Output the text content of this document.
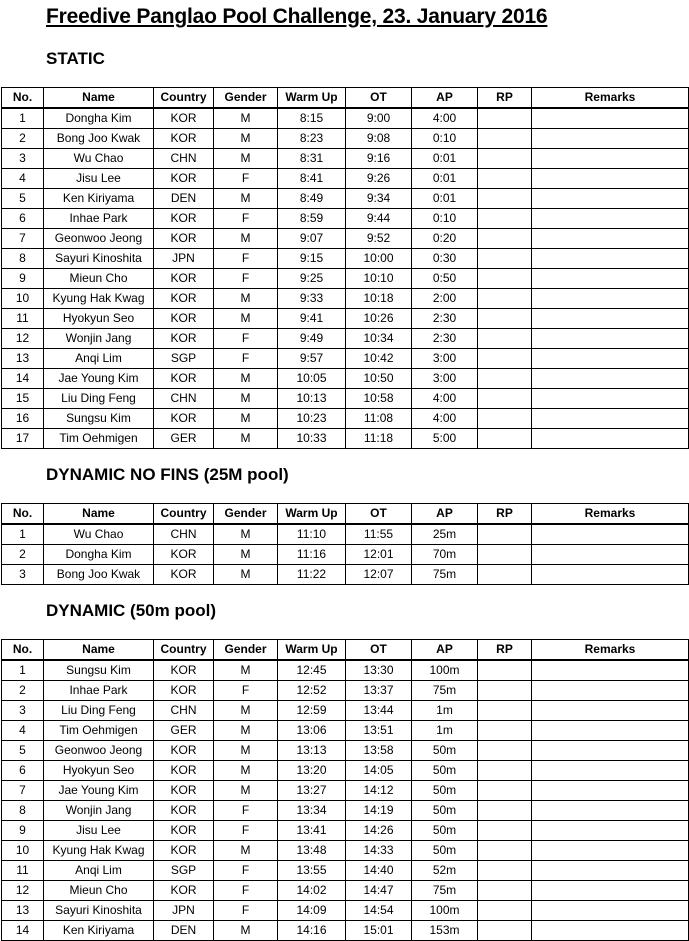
Freedive Panglao Pool Challenge, 23. January 2016
STATIC
No.	Name	Country	Gender	Warm Up	OT	AP	RP	Remarks
1	Dongha Kim	KOR	M	8:15	9:00	4:00		
2	Bong Joo Kwak	KOR	M	8:23	9:08	0:10		
3	Wu Chao	CHN	M	8:31	9:16	0:01		
4	Jisu Lee	KOR	F	8:41	9:26	0:01		
5	Ken Kiriyama	DEN	M	8:49	9:34	0:01		
6	Inhae Park	KOR	F	8:59	9:44	0:10		
7	Geonwoo Jeong	KOR	M	9:07	9:52	0:20		
8	Sayuri Kinoshita	JPN	F	9:15	10:00	0:30		
9	Mieun Cho	KOR	F	9:25	10:10	0:50		
10	Kyung Hak Kwag	KOR	M	9:33	10:18	2:00		
11	Hyokyun Seo	KOR	M	9:41	10:26	2:30		
12	Wonjin Jang	KOR	F	9:49	10:34	2:30		
13	Anqi Lim	SGP	F	9:57	10:42	3:00		
14	Jae Young Kim	KOR	M	10:05	10:50	3:00		
15	Liu Ding Feng	CHN	M	10:13	10:58	4:00		
16	Sungsu Kim	KOR	M	10:23	11:08	4:00		
17	Tim Oehmigen	GER	M	10:33	11:18	5:00		
DYNAMIC NO FINS (25M pool)
No.	Name	Country	Gender	Warm Up	OT	AP	RP	Remarks
1	Wu Chao	CHN	M	11:10	11:55	25m		
2	Dongha Kim	KOR	M	11:16	12:01	70m		
3	Bong Joo Kwak	KOR	M	11:22	12:07	75m		
DYNAMIC (50m pool)
No.	Name	Country	Gender	Warm Up	OT	AP	RP	Remarks
1	Sungsu Kim	KOR	M	12:45	13:30	100m		
2	Inhae Park	KOR	F	12:52	13:37	75m		
3	Liu Ding Feng	CHN	M	12:59	13:44	1m		
4	Tim Oehmigen	GER	M	13:06	13:51	1m		
5	Geonwoo Jeong	KOR	M	13:13	13:58	50m		
6	Hyokyun Seo	KOR	M	13:20	14:05	50m		
7	Jae Young Kim	KOR	M	13:27	14:12	50m		
8	Wonjin Jang	KOR	F	13:34	14:19	50m		
9	Jisu Lee	KOR	F	13:41	14:26	50m		
10	Kyung Hak Kwag	KOR	M	13:48	14:33	50m		
11	Anqi Lim	SGP	F	13:55	14:40	52m		
12	Mieun Cho	KOR	F	14:02	14:47	75m		
13	Sayuri Kinoshita	JPN	F	14:09	14:54	100m		
14	Ken Kiriyama	DEN	M	14:16	15:01	153m		
